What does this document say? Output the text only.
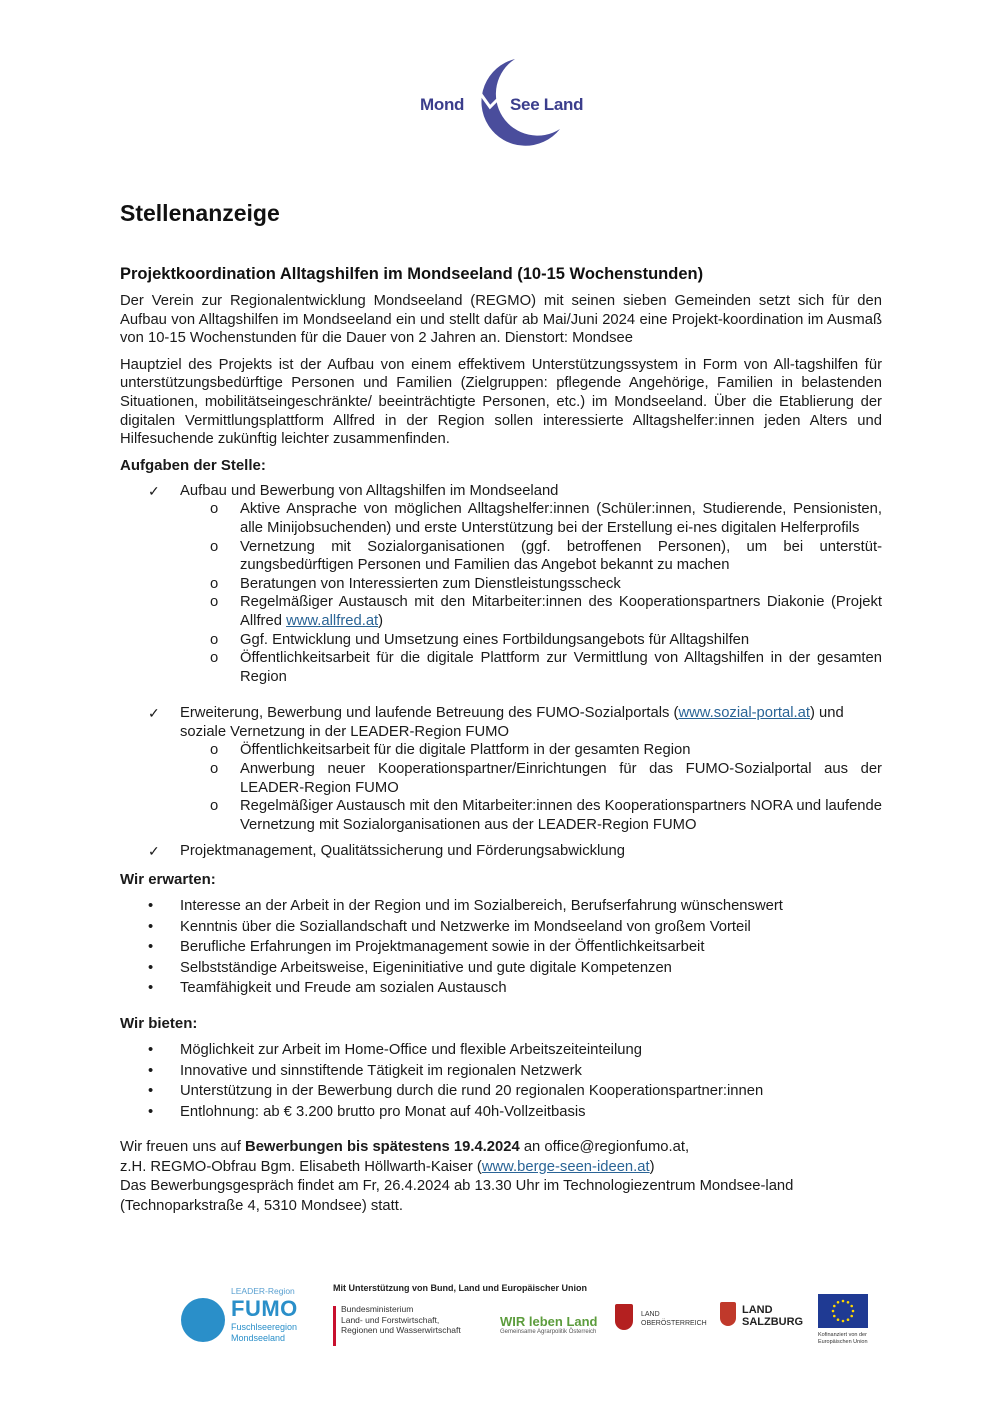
Mond	See Land
Stellenanzeige
Projektkoordination Alltagshilfen im Mondseeland (10-15 Wochenstunden)

Der Verein zur Regionalentwicklung Mondseeland (REGMO) mit seinen sieben Gemeinden setzt sich für den Aufbau von Alltagshilfen im Mondseeland ein und stellt dafür ab Mai/Juni 2024 eine Projekt-koordination im Ausmaß von 10-15 Wochenstunden für die Dauer von 2 Jahren an. Dienstort: Mondsee

Hauptziel des Projekts ist der Aufbau von einem effektivem Unterstützungssystem in Form von All-tagshilfen für unterstützungsbedürftige Personen und Familien (Zielgruppen: pflegende Angehörige, Familien in belastenden Situationen, mobilitätseingeschränkte/ beeinträchtigte Personen, etc.) im Mondseeland. Über die Etablierung der digitalen Vermittlungsplattform Allfred in der Region sollen interessierte Alltagshelfer:innen jeden Alters und Hilfesuchende zukünftig leichter zusammenfinden.

Aufgaben der Stelle:
✓ Aufbau und Bewerbung von Alltagshilfen im Mondseeland
o Aktive Ansprache von möglichen Alltagshelfer:innen (Schüler:innen, Studierende, Pensionisten, alle Minijobsuchenden) und erste Unterstützung bei der Erstellung ei-nes digitalen Helferprofils
o Vernetzung mit Sozialorganisationen (ggf. betroffenen Personen), um bei unterstüt-zungsbedürftigen Personen und Familien das Angebot bekannt zu machen
o Beratungen von Interessierten zum Dienstleistungsscheck
o Regelmäßiger Austausch mit den Mitarbeiter:innen des Kooperationspartners Diakonie (Projekt Allfred www.allfred.at)
o Ggf. Entwicklung und Umsetzung eines Fortbildungsangebots für Alltagshilfen
o Öffentlichkeitsarbeit für die digitale Plattform zur Vermittlung von Alltagshilfen in der gesamten Region
✓ Erweiterung, Bewerbung und laufende Betreuung des FUMO-Sozialportals (www.sozial-portal.at) und soziale Vernetzung in der LEADER-Region FUMO
o Öffentlichkeitsarbeit für die digitale Plattform in der gesamten Region
o Anwerbung neuer Kooperationspartner/Einrichtungen für das FUMO-Sozialportal aus der LEADER-Region FUMO
o Regelmäßiger Austausch mit den Mitarbeiter:innen des Kooperationspartners NORA und laufende Vernetzung mit Sozialorganisationen aus der LEADER-Region FUMO
✓ Projektmanagement, Qualitätssicherung und Förderungsabwicklung
Wir erwarten:
• Interesse an der Arbeit in der Region und im Sozialbereich, Berufserfahrung wünschenswert
• Kenntnis über die Soziallandschaft und Netzwerke im Mondseeland von großem Vorteil
• Berufliche Erfahrungen im Projektmanagement sowie in der Öffentlichkeitsarbeit
• Selbstständige Arbeitsweise, Eigeninitiative und gute digitale Kompetenzen
• Teamfähigkeit und Freude am sozialen Austausch
Wir bieten:
• Möglichkeit zur Arbeit im Home-Office und flexible Arbeitszeiteinteilung
• Innovative und sinnstiftende Tätigkeit im regionalen Netzwerk
• Unterstützung in der Bewerbung durch die rund 20 regionalen Kooperationspartner:innen
• Entlohnung: ab € 3.200 brutto pro Monat auf 40h-Vollzeitbasis
Wir freuen uns auf Bewerbungen bis spätestens 19.4.2024 an office@regionfumo.at,
z.H. REGMO-Obfrau Bgm. Elisabeth Höllwarth-Kaiser (www.berge-seen-ideen.at)
Das Bewerbungsgespräch findet am Fr, 26.4.2024 ab 13.30 Uhr im Technologiezentrum Mondsee-land (Technoparkstraße 4, 5310 Mondsee) statt.
LEADER-Region
FUMO
Fuschlseeregion
Mondseeland
Mit Unterstützung von Bund, Land und Europäischer Union
Bundesministerium
Land- und Forstwirtschaft,
Regionen und Wasserwirtschaft
WIR leben Land
Gemeinsame Agrarpolitik Österreich
LAND
OBERÖSTERREICH
LAND
SALZBURG
Kofinanziert von der Europäischen Union
